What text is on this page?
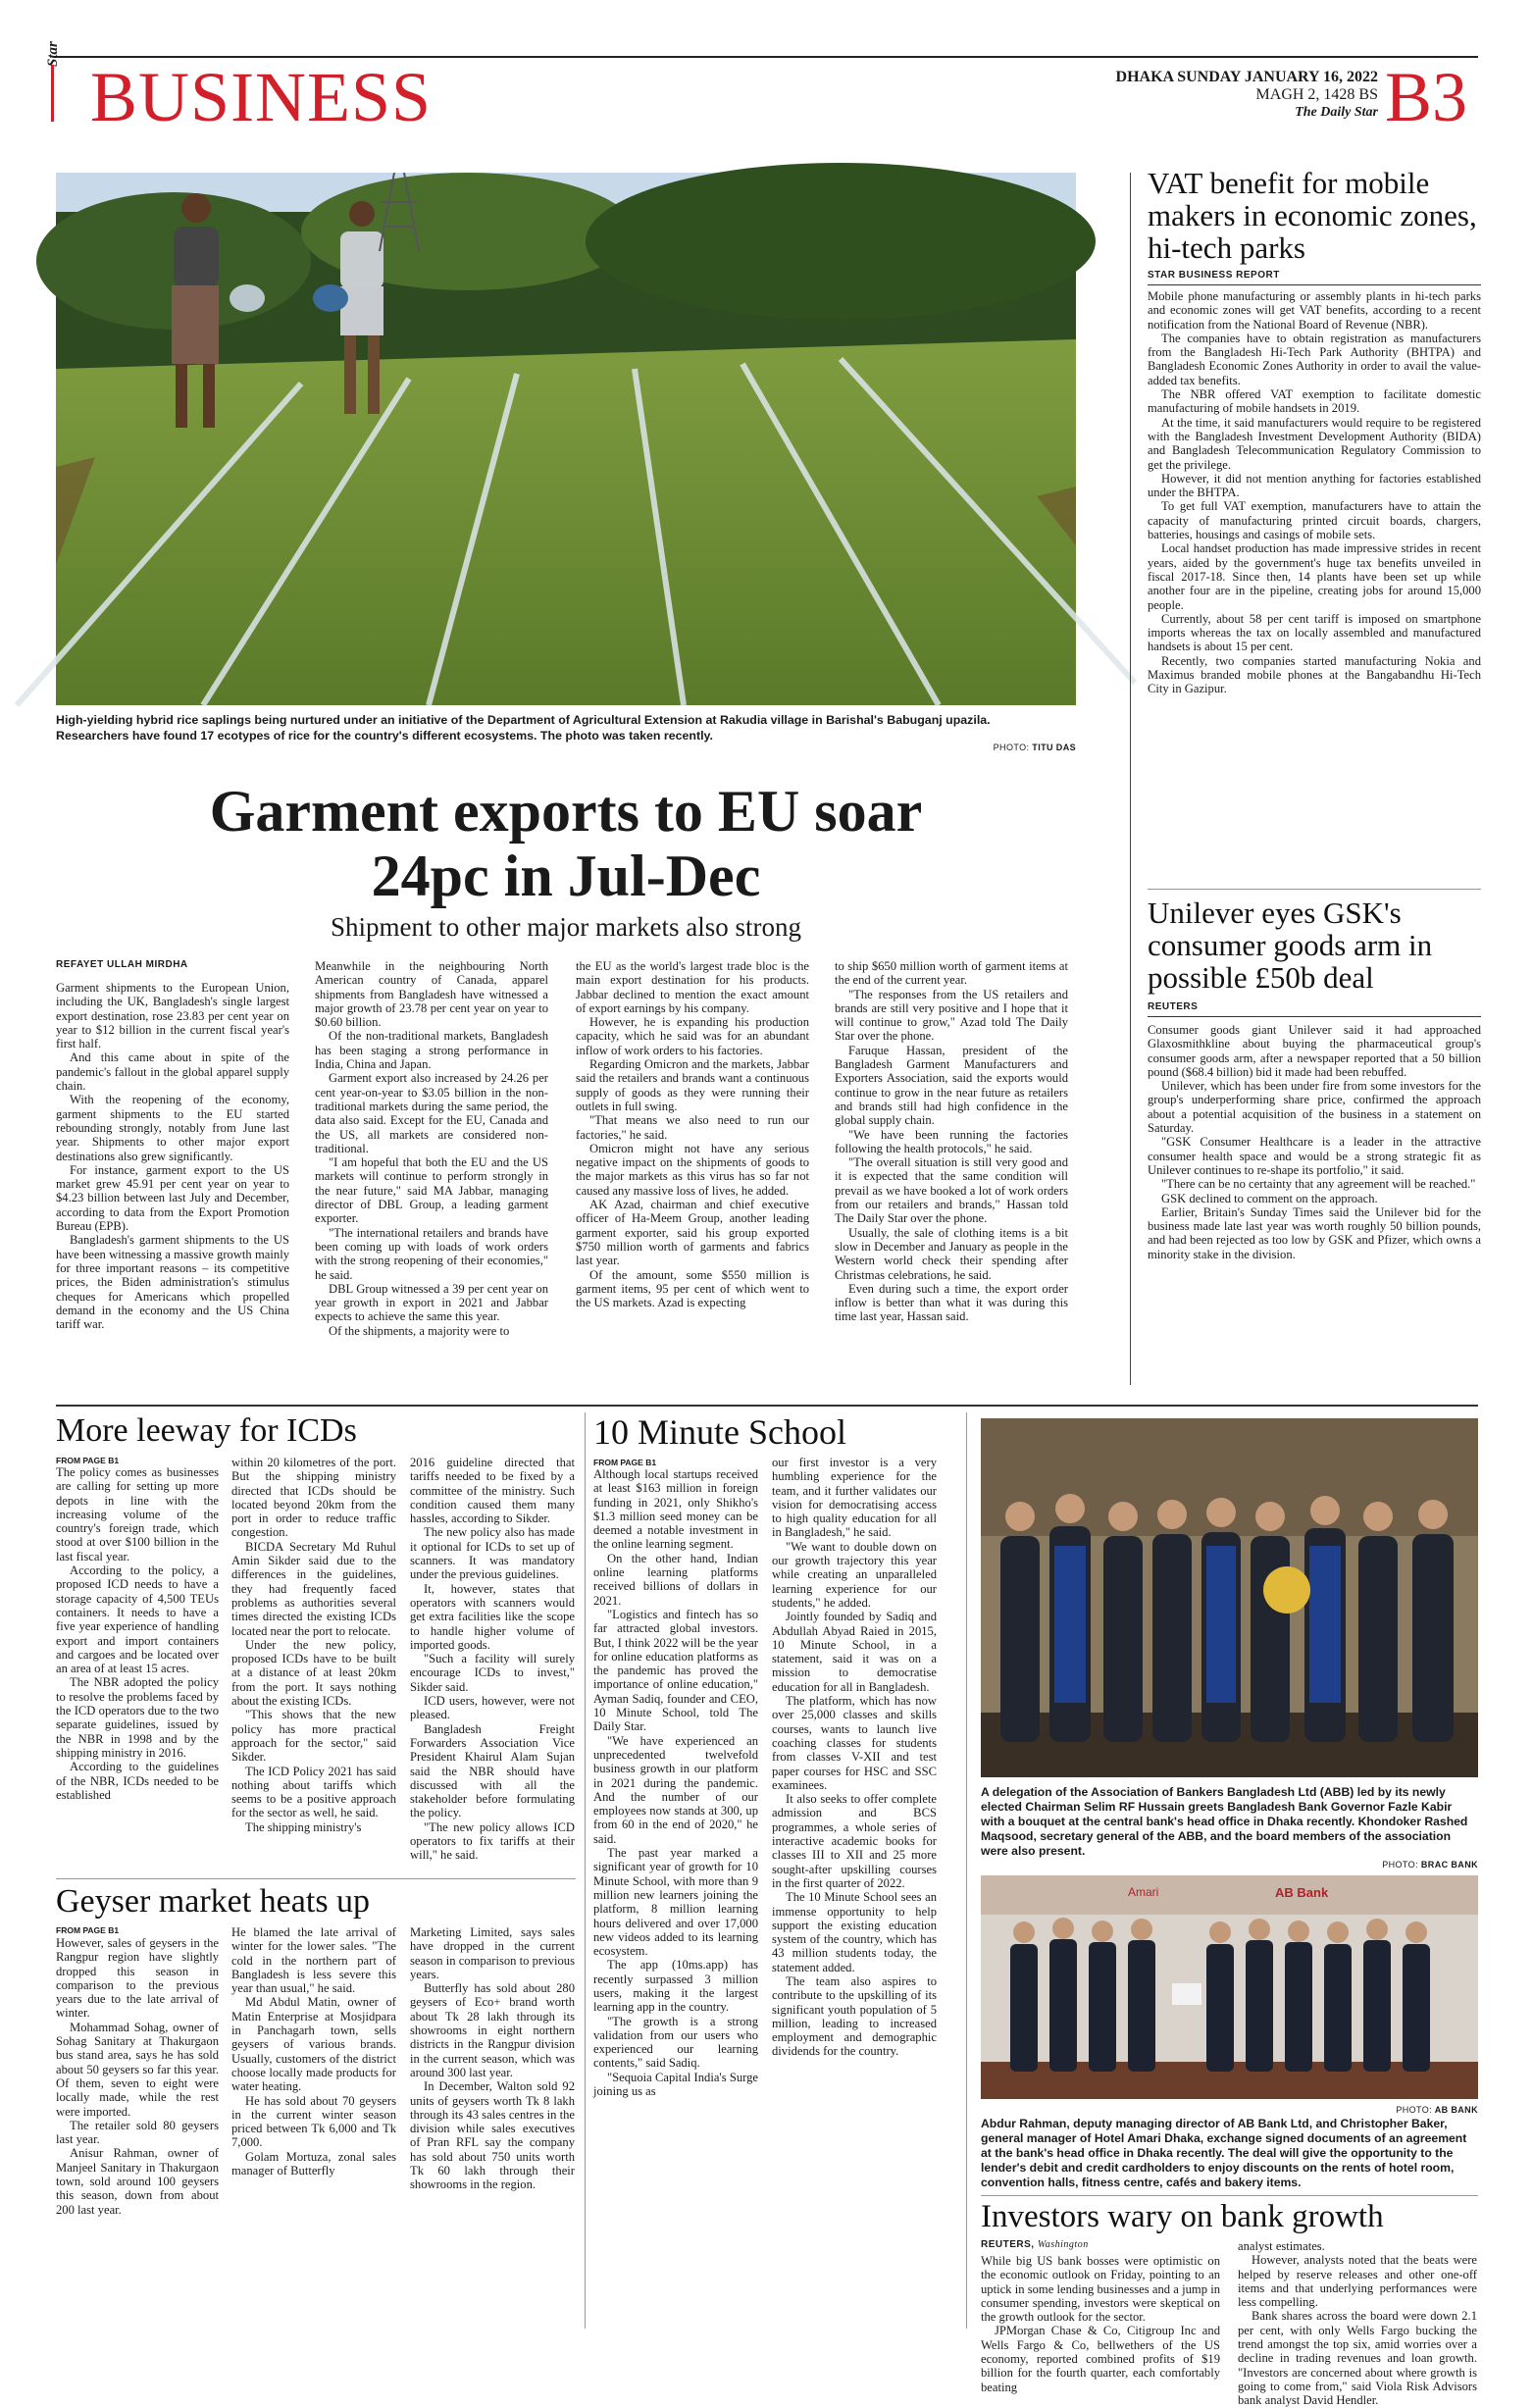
Star
BUSINESS	DHAKA SUNDAY JANUARY 16, 2022
MAGH 2, 1428 BS
The Daily Star B3
High-yielding hybrid rice saplings being nurtured under an initiative of the Department of Agricultural Extension at Rakudia village in Barishal's Babuganj upazila. Researchers have found 17 ecotypes of rice for the country's different ecosystems. The photo was taken recently.
PHOTO: TITU DAS
Garment exports to EU soar
24pc in Jul-Dec
Shipment to other major markets also strong
REFAYET ULLAH MIRDHA

Garment shipments to the European Union, including the UK, Bangladesh's single largest export destination, rose 23.83 per cent year on year to $12 billion in the current fiscal year's first half.

And this came about in spite of the pandemic's fallout in the global apparel supply chain.

With the reopening of the economy, garment shipments to the EU started rebounding strongly, notably from June last year. Shipments to other major export destinations also grew significantly.

For instance, garment export to the US market grew 45.91 per cent year on year to $4.23 billion between last July and December, according to data from the Export Promotion Bureau (EPB).

Bangladesh's garment shipments to the US have been witnessing a massive growth mainly for three important reasons – its competitive prices, the Biden administration's stimulus cheques for Americans which propelled demand in the economy and the US China tariff war.

Meanwhile in the neighbouring North American country of Canada, apparel shipments from Bangladesh have witnessed a major growth of 23.78 per cent year on year to $0.60 billion.

Of the non-traditional markets, Bangladesh has been staging a strong performance in India, China and Japan.

Garment export also increased by 24.26 per cent year-on-year to $3.05 billion in the non-traditional markets during the same period, the data also said. Except for the EU, Canada and the US, all markets are considered non-traditional.

"I am hopeful that both the EU and the US markets will continue to perform strongly in the near future," said MA Jabbar, managing director of DBL Group, a leading garment exporter.

"The international retailers and brands have been coming up with loads of work orders with the strong reopening of their economies," he said.

DBL Group witnessed a 39 per cent year on year growth in export in 2021 and Jabbar expects to achieve the same this year.

Of the shipments, a majority were to

the EU as the world's largest trade bloc is the main export destination for his products. Jabbar declined to mention the exact amount of export earnings by his company.

However, he is expanding his production capacity, which he said was for an abundant inflow of work orders to his factories.

Regarding Omicron and the markets, Jabbar said the retailers and brands want a continuous supply of goods as they were running their outlets in full swing.

"That means we also need to run our factories," he said.

Omicron might not have any serious negative impact on the shipments of goods to the major markets as this virus has so far not caused any massive loss of lives, he added.

AK Azad, chairman and chief executive officer of Ha-Meem Group, another leading garment exporter, said his group exported $750 million worth of garments and fabrics last year.

Of the amount, some $550 million is garment items, 95 per cent of which went to the US markets. Azad is expecting

to ship $650 million worth of garment items at the end of the current year.

"The responses from the US retailers and brands are still very positive and I hope that it will continue to grow," Azad told The Daily Star over the phone.

Faruque Hassan, president of the Bangladesh Garment Manufacturers and Exporters Association, said the exports would continue to grow in the near future as retailers and brands still had high confidence in the global supply chain.

"We have been running the factories following the health protocols," he said.

"The overall situation is still very good and it is expected that the same condition will prevail as we have booked a lot of work orders from our retailers and brands," Hassan told The Daily Star over the phone.

Usually, the sale of clothing items is a bit slow in December and January as people in the Western world check their spending after Christmas celebrations, he said.

Even during such a time, the export order inflow is better than what it was during this time last year, Hassan said.

VAT benefit for mobile makers in economic zones, hi-tech parks
STAR BUSINESS REPORT

Mobile phone manufacturing or assembly plants in hi-tech parks and economic zones will get VAT benefits, according to a recent notification from the National Board of Revenue (NBR).

The companies have to obtain registration as manufacturers from the Bangladesh Hi-Tech Park Authority (BHTPA) and Bangladesh Economic Zones Authority in order to avail the value-added tax benefits.

The NBR offered VAT exemption to facilitate domestic manufacturing of mobile handsets in 2019.

At the time, it said manufacturers would require to be registered with the Bangladesh Investment Development Authority (BIDA) and Bangladesh Telecommunication Regulatory Commission to get the privilege.

However, it did not mention anything for factories established under the BHTPA.

To get full VAT exemption, manufacturers have to attain the capacity of manufacturing printed circuit boards, chargers, batteries, housings and casings of mobile sets.

Local handset production has made impressive strides in recent years, aided by the government's huge tax benefits unveiled in fiscal 2017-18. Since then, 14 plants have been set up while another four are in the pipeline, creating jobs for around 15,000 people.

Currently, about 58 per cent tariff is imposed on smartphone imports whereas the tax on locally assembled and manufactured handsets is about 15 per cent.

Recently, two companies started manufacturing Nokia and Maximus branded mobile phones at the Bangabandhu Hi-Tech City in Gazipur.

Unilever eyes GSK's consumer goods arm in possible £50b deal
REUTERS

Consumer goods giant Unilever said it had approached Glaxosmithkline about buying the pharmaceutical group's consumer goods arm, after a newspaper reported that a 50 billion pound ($68.4 billion) bid it made had been rebuffed.

Unilever, which has been under fire from some investors for the group's underperforming share price, confirmed the approach about a potential acquisition of the business in a statement on Saturday.

"GSK Consumer Healthcare is a leader in the attractive consumer health space and would be a strong strategic fit as Unilever continues to re-shape its portfolio," it said.

"There can be no certainty that any agreement will be reached."

GSK declined to comment on the approach.

Earlier, Britain's Sunday Times said the Unilever bid for the business made late last year was worth roughly 50 billion pounds, and had been rejected as too low by GSK and Pfizer, which owns a minority stake in the division.

More leeway for ICDs
FROM PAGE B1

The policy comes as businesses are calling for setting up more depots in line with the increasing volume of the country's foreign trade, which stood at over $100 billion in the last fiscal year.

According to the policy, a proposed ICD needs to have a storage capacity of 4,500 TEUs containers. It needs to have a five year experience of handling export and import containers and cargoes and be located over an area of at least 15 acres.

The NBR adopted the policy to resolve the problems faced by the ICD operators due to the two separate guidelines, issued by the NBR in 1998 and by the shipping ministry in 2016.

According to the guidelines of the NBR, ICDs needed to be established

within 20 kilometres of the port. But the shipping ministry directed that ICDs should be located beyond 20km from the port in order to reduce traffic congestion.

BICDA Secretary Md Ruhul Amin Sikder said due to the differences in the guidelines, they had frequently faced problems as authorities several times directed the existing ICDs located near the port to relocate.

Under the new policy, proposed ICDs have to be built at a distance of at least 20km from the port. It says nothing about the existing ICDs.

"This shows that the new policy has more practical approach for the sector," said Sikder.

The ICD Policy 2021 has said nothing about tariffs which seems to be a positive approach for the sector as well, he said.

The shipping ministry's

2016 guideline directed that tariffs needed to be fixed by a committee of the ministry. Such condition caused them many hassles, according to Sikder.

The new policy also has made it optional for ICDs to set up of scanners. It was mandatory under the previous guidelines.

It, however, states that operators with scanners would get extra facilities like the scope to handle higher volume of imported goods.

"Such a facility will surely encourage ICDs to invest," Sikder said.

ICD users, however, were not pleased.

Bangladesh Freight Forwarders Association Vice President Khairul Alam Sujan said the NBR should have discussed with all the stakeholder before formulating the policy.

"The new policy allows ICD operators to fix tariffs at their will," he said.

Geyser market heats up
FROM PAGE B1

However, sales of geysers in the Rangpur region have slightly dropped this season in comparison to the previous years due to the late arrival of winter.

Mohammad Sohag, owner of Sohag Sanitary at Thakurgaon bus stand area, says he has sold about 50 geysers so far this year. Of them, seven to eight were locally made, while the rest were imported.

The retailer sold 80 geysers last year.

Anisur Rahman, owner of Manjeel Sanitary in Thakurgaon town, sold around 100 geysers this season, down from about 200 last year.

He blamed the late arrival of winter for the lower sales. "The cold in the northern part of Bangladesh is less severe this year than usual," he said.

Md Abdul Matin, owner of Matin Enterprise at Mosjidpara in Panchagarh town, sells geysers of various brands. Usually, customers of the district choose locally made products for water heating.

He has sold about 70 geysers in the current winter season priced between Tk 6,000 and Tk 7,000.

Golam Mortuza, zonal sales manager of Butterfly

Marketing Limited, says sales have dropped in the current season in comparison to previous years.

Butterfly has sold about 280 geysers of Eco+ brand worth about Tk 28 lakh through its showrooms in eight northern districts in the Rangpur division in the current season, which was around 300 last year.

In December, Walton sold 92 units of geysers worth Tk 8 lakh through its 43 sales centres in the division while sales executives of Pran RFL say the company has sold about 750 units worth Tk 60 lakh through their showrooms in the region.

10 Minute School
FROM PAGE B1

Although local startups received at least $163 million in foreign funding in 2021, only Shikho's $1.3 million seed money can be deemed a notable investment in the online learning segment.

On the other hand, Indian online learning platforms received billions of dollars in 2021.

"Logistics and fintech has so far attracted global investors. But, I think 2022 will be the year for online education platforms as the pandemic has proved the importance of online education," Ayman Sadiq, founder and CEO, 10 Minute School, told The Daily Star.

"We have experienced an unprecedented twelvefold business growth in our platform in 2021 during the pandemic. And the number of our employees now stands at 300, up from 60 in the end of 2020," he said.

The past year marked a significant year of growth for 10 Minute School, with more than 9 million new learners joining the platform, 8 million learning hours delivered and over 17,000 new videos added to its learning ecosystem.

The app (10ms.app) has recently surpassed 3 million users, making it the largest learning app in the country.

"The growth is a strong validation from our users who experienced our learning contents," said Sadiq.

"Sequoia Capital India's Surge joining us as

our first investor is a very humbling experience for the team, and it further validates our vision for democratising access to high quality education for all in Bangladesh," he said.

"We want to double down on our growth trajectory this year while creating an unparalleled learning experience for our students," he added.

Jointly founded by Sadiq and Abdullah Abyad Raied in 2015, 10 Minute School, in a statement, said it was on a mission to democratise education for all in Bangladesh.

The platform, which has now over 25,000 classes and skills courses, wants to launch live coaching classes for students from classes V-XII and test paper courses for HSC and SSC examinees.

It also seeks to offer complete admission and BCS programmes, a whole series of interactive academic books for classes III to XII and 25 more sought-after upskilling courses in the first quarter of 2022.

The 10 Minute School sees an immense opportunity to help support the existing education system of the country, which has 43 million students today, the statement added.

The team also aspires to contribute to the upskilling of its significant youth population of 5 million, leading to increased employment and demographic dividends for the country.

A delegation of the Association of Bankers Bangladesh Ltd (ABB) led by its newly elected Chairman Selim RF Hussain greets Bangladesh Bank Governor Fazle Kabir with a bouquet at the central bank's head office in Dhaka recently. Khondoker Rashed Maqsood, secretary general of the ABB, and the board members of the association were also present.
PHOTO: BRAC BANK
Amari	AB Bank
PHOTO: AB BANK
Abdur Rahman, deputy managing director of AB Bank Ltd, and Christopher Baker, general manager of Hotel Amari Dhaka, exchange signed documents of an agreement at the bank's head office in Dhaka recently. The deal will give the opportunity to the lender's debit and credit cardholders to enjoy discounts on the rents of hotel room, convention halls, fitness centre, cafés and bakery items.
Investors wary on bank growth
REUTERS, Washington

While big US bank bosses were optimistic on the economic outlook on Friday, pointing to an uptick in some lending businesses and a jump in consumer spending, investors were skeptical on the growth outlook for the sector.

JPMorgan Chase & Co, Citigroup Inc and Wells Fargo & Co, bellwethers of the US economy, reported combined profits of $19 billion for the fourth quarter, each comfortably beating

analyst estimates.

However, analysts noted that the beats were helped by reserve releases and other one-off items and that underlying performances were less compelling.

Bank shares across the board were down 2.1 per cent, with only Wells Fargo bucking the trend amongst the top six, amid worries over a decline in trading revenues and loan growth. "Investors are concerned about where growth is going to come from," said Viola Risk Advisors bank analyst David Hendler.
